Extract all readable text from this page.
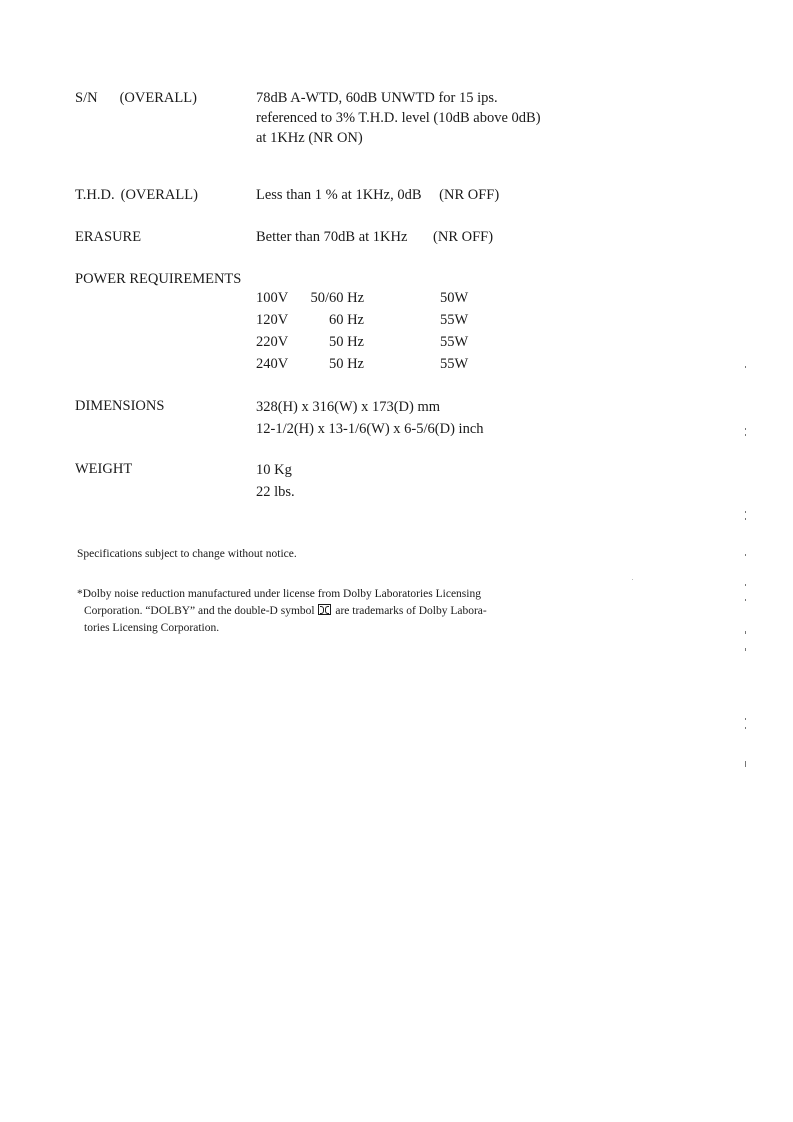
S/N (OVERALL)	78dB A-WTD, 60dB UNWTD for 15 ips.
referenced to 3% T.H.D. level (10dB above 0dB)
at 1KHz (NR ON)
T.H.D. (OVERALL)	Less than 1 % at 1KHz, 0dB (NR OFF)
ERASURE	Better than 70dB at 1KHz (NR OFF)
POWER REQUIREMENTS
100V 50/60 Hz	50W
120V	60 Hz	55W
220V	50 Hz	55W
240V	50 Hz	55W
DIMENSIONS	328(H) x 316(W) x 173(D) mm
12-1/2(H) x 13-1/6(W) x 6-5/6(D) inch
WEIGHT	10 Kg
22 lbs.
Specifications subject to change without notice.
*Dolby noise reduction manufactured under license from Dolby Laboratories Licensing
Corporation. “DOLBY” and the double-D symbol are trademarks of Dolby Labora-
tories Licensing Corporation.
